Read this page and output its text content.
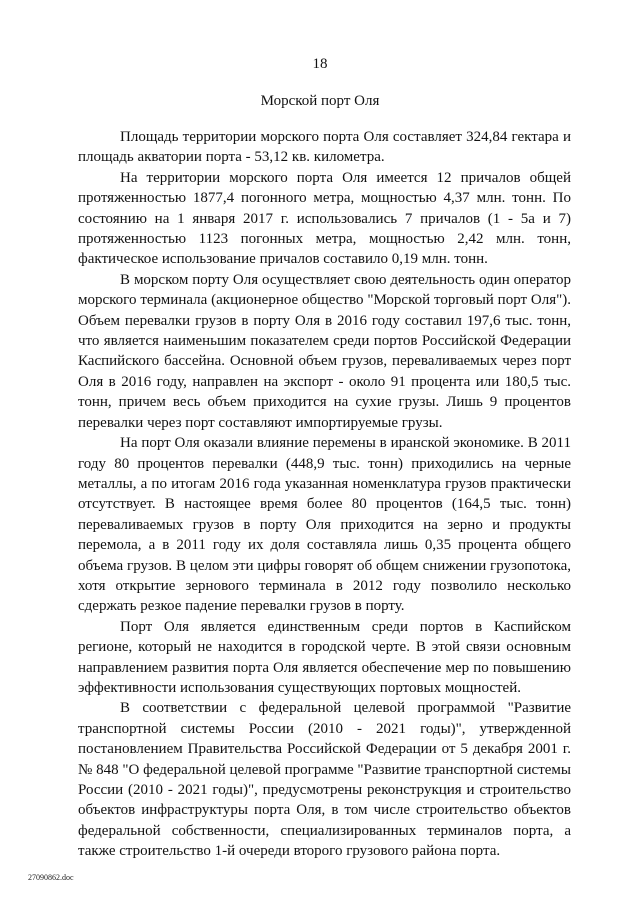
18
Морской порт Оля

Площадь территории морского порта Оля составляет 324,84 гектара и площадь акватории порта - 53,12 кв. километра.

На территории морского порта Оля имеется 12 причалов общей протяженностью 1877,4 погонного метра, мощностью 4,37 млн. тонн. По состоянию на 1 января 2017 г. использовались 7 причалов (1 - 5а и 7) протяженностью 1123 погонных метра, мощностью 2,42 млн. тонн, фактическое использование причалов составило 0,19 млн. тонн.

В морском порту Оля осуществляет свою деятельность один оператор морского терминала (акционерное общество "Морской торговый порт Оля"). Объем перевалки грузов в порту Оля в 2016 году составил 197,6 тыс. тонн, что является наименьшим показателем среди портов Российской Федерации Каспийского бассейна. Основной объем грузов, переваливаемых через порт Оля в 2016 году, направлен на экспорт - около 91 процента или 180,5 тыс. тонн, причем весь объем приходится на сухие грузы. Лишь 9 процентов перевалки через порт составляют импортируемые грузы.

На порт Оля оказали влияние перемены в иранской экономике. В 2011 году 80 процентов перевалки (448,9 тыс. тонн) приходились на черные металлы, а по итогам 2016 года указанная номенклатура грузов практически отсутствует. В настоящее время более 80 процентов (164,5 тыс. тонн) переваливаемых грузов в порту Оля приходится на зерно и продукты перемола, а в 2011 году их доля составляла лишь 0,35 процента общего объема грузов. В целом эти цифры говорят об общем снижении грузопотока, хотя открытие зернового терминала в 2012 году позволило несколько сдержать резкое падение перевалки грузов в порту.

Порт Оля является единственным среди портов в Каспийском регионе, который не находится в городской черте. В этой связи основным направлением развития порта Оля является обеспечение мер по повышению эффективности использования существующих портовых мощностей.

В соответствии с федеральной целевой программой "Развитие транспортной системы России (2010 - 2021 годы)", утвержденной постановлением Правительства Российской Федерации от 5 декабря 2001 г. № 848 "О федеральной целевой программе "Развитие транспортной системы России (2010 - 2021 годы)", предусмотрены реконструкция и строительство объектов инфраструктуры порта Оля, в том числе строительство объектов федеральной собственности, специализированных терминалов порта, а также строительство 1-й очереди второго грузового района порта.

27090862.doc
